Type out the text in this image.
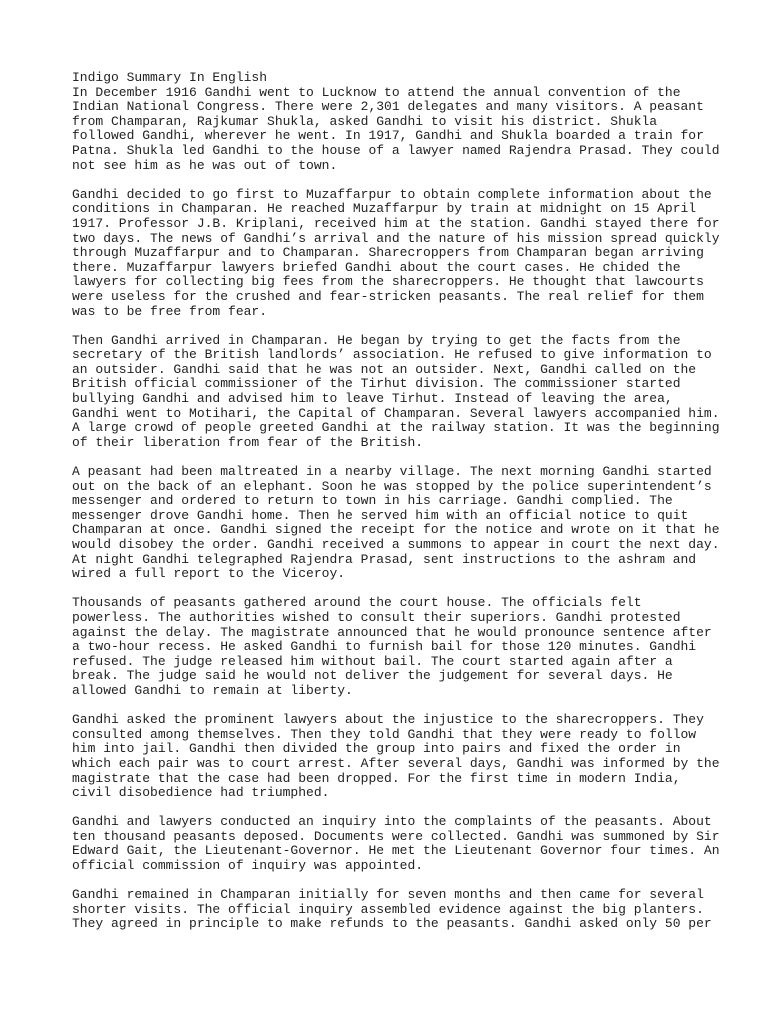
Indigo Summary In English
In December 1916 Gandhi went to Lucknow to attend the annual convention of the
Indian National Congress. There were 2,301 delegates and many visitors. A peasant
from Champaran, Rajkumar Shukla, asked Gandhi to visit his district. Shukla
followed Gandhi, wherever he went. In 1917, Gandhi and Shukla boarded a train for
Patna. Shukla led Gandhi to the house of a lawyer named Rajendra Prasad. They could
not see him as he was out of town.
Gandhi decided to go first to Muzaffarpur to obtain complete information about the
conditions in Champaran. He reached Muzaffarpur by train at midnight on 15 April
1917. Professor J.B. Kriplani, received him at the station. Gandhi stayed there for
two days. The news of Gandhi’s arrival and the nature of his mission spread quickly
through Muzaffarpur and to Champaran. Sharecroppers from Champaran began arriving
there. Muzaffarpur lawyers briefed Gandhi about the court cases. He chided the
lawyers for collecting big fees from the sharecroppers. He thought that lawcourts
were useless for the crushed and fear-stricken peasants. The real relief for them
was to be free from fear.
Then Gandhi arrived in Champaran. He began by trying to get the facts from the
secretary of the British landlords’ association. He refused to give information to
an outsider. Gandhi said that he was not an outsider. Next, Gandhi called on the
British official commissioner of the Tirhut division. The commissioner started
bullying Gandhi and advised him to leave Tirhut. Instead of leaving the area,
Gandhi went to Motihari, the Capital of Champaran. Several lawyers accompanied him.
A large crowd of people greeted Gandhi at the railway station. It was the beginning
of their liberation from fear of the British.
A peasant had been maltreated in a nearby village. The next morning Gandhi started
out on the back of an elephant. Soon he was stopped by the police superintendent’s
messenger and ordered to return to town in his carriage. Gandhi complied. The
messenger drove Gandhi home. Then he served him with an official notice to quit
Champaran at once. Gandhi signed the receipt for the notice and wrote on it that he
would disobey the order. Gandhi received a summons to appear in court the next day.
At night Gandhi telegraphed Rajendra Prasad, sent instructions to the ashram and
wired a full report to the Viceroy.
Thousands of peasants gathered around the court house. The officials felt
powerless. The authorities wished to consult their superiors. Gandhi protested
against the delay. The magistrate announced that he would pronounce sentence after
a two-hour recess. He asked Gandhi to furnish bail for those 120 minutes. Gandhi
refused. The judge released him without bail. The court started again after a
break. The judge said he would not deliver the judgement for several days. He
allowed Gandhi to remain at liberty.
Gandhi asked the prominent lawyers about the injustice to the sharecroppers. They
consulted among themselves. Then they told Gandhi that they were ready to follow
him into jail. Gandhi then divided the group into pairs and fixed the order in
which each pair was to court arrest. After several days, Gandhi was informed by the
magistrate that the case had been dropped. For the first time in modern India,
civil disobedience had triumphed.
Gandhi and lawyers conducted an inquiry into the complaints of the peasants. About
ten thousand peasants deposed. Documents were collected. Gandhi was summoned by Sir
Edward Gait, the Lieutenant-Governor. He met the Lieutenant Governor four times. An
official commission of inquiry was appointed.
Gandhi remained in Champaran initially for seven months and then came for several
shorter visits. The official inquiry assembled evidence against the big planters.
They agreed in principle to make refunds to the peasants. Gandhi asked only 50 per
